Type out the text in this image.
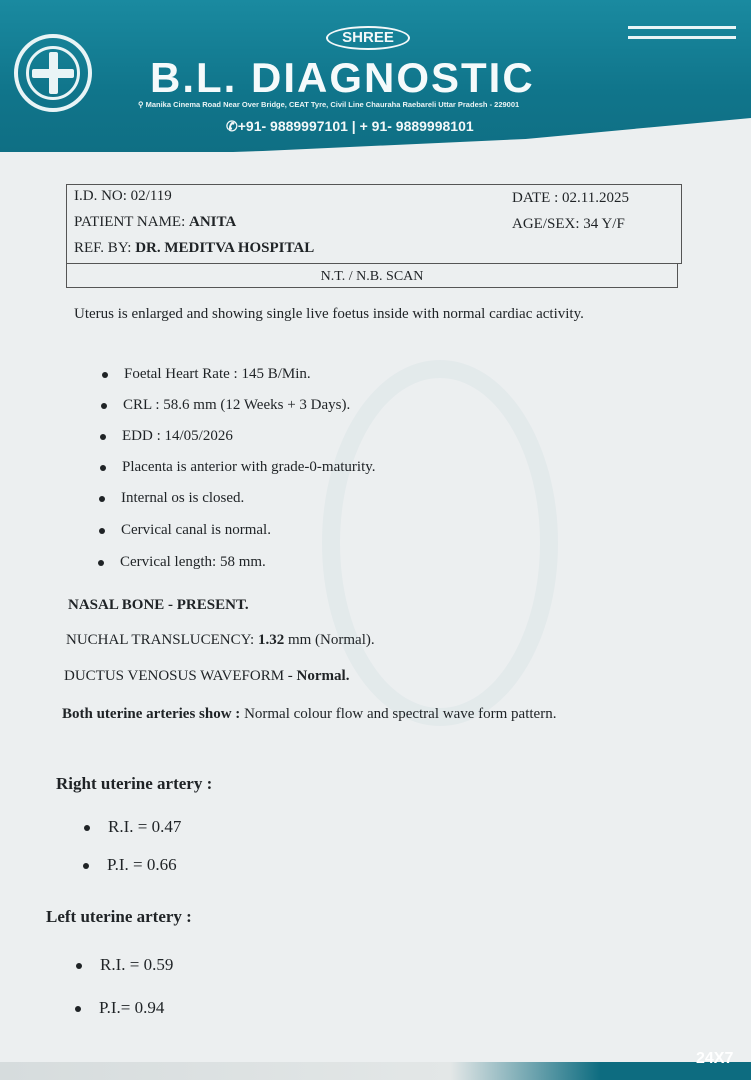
SHREE
B.L. DIAGNOSTIC
⚲ Manika Cinema Road Near Over Bridge, CEAT Tyre, Civil Line Chauraha Raebareli Uttar Pradesh - 229001
✆+91- 9889997101 | + 91- 9889998101
I.D. NO: 02/119
PATIENT NAME: ANITA
REF. BY: DR. MEDITVA HOSPITAL
DATE : 02.11.2025
AGE/SEX: 34 Y/F
N.T. / N.B. SCAN
Uterus is enlarged and showing single live foetus inside with normal cardiac activity.
Foetal Heart Rate : 145 B/Min.
CRL : 58.6 mm (12 Weeks + 3 Days).
EDD : 14/05/2026
Placenta is anterior with grade-0-maturity.
Internal os is closed.
Cervical canal is normal.
Cervical length: 58 mm.
NASAL BONE - PRESENT.
NUCHAL TRANSLUCENCY: 1.32 mm (Normal).
DUCTUS VENOSUS WAVEFORM - Normal.
Both uterine arteries show : Normal colour flow and spectral wave form pattern.
Right uterine artery :
R.I. = 0.47
P.I. = 0.66
Left uterine artery :
R.I. = 0.59
P.I.= 0.94
24X7
